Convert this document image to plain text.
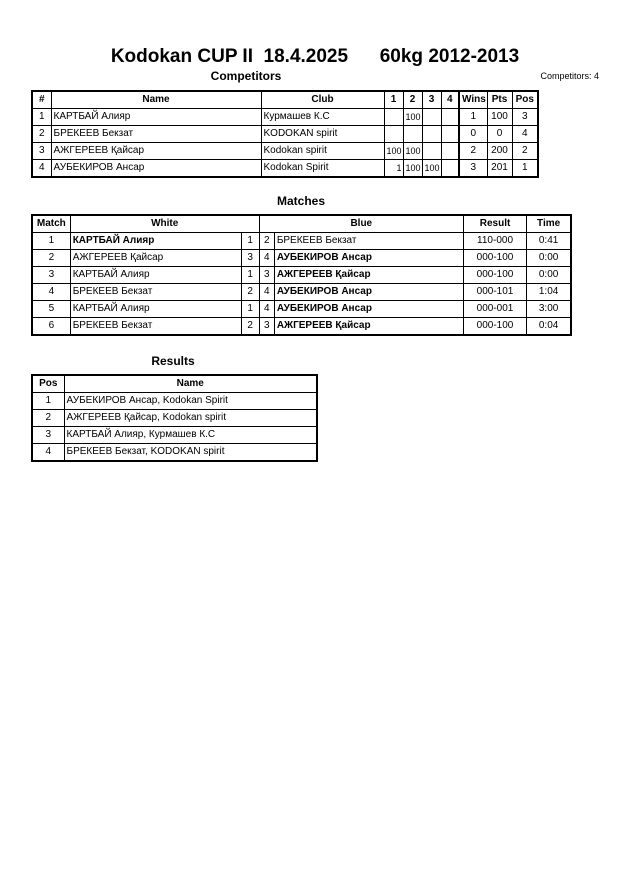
Kodokan CUP II  18.4.2025      60kg 2012-2013
Competitors	Competitors: 4
#	Name	Club	1	2	3	4	Wins	Pts	Pos
1	КАРТБАЙ Алияр	Курмашев К.С		100			1	100	3
2	БРЕКЕЕВ Бекзат	KODOKAN spirit					0	0	4
3	АЖГЕРЕЕВ Қайсар	Kodokan spirit	100	100			2	200	2
4	АУБЕКИРОВ Ансар	Kodokan Spirit	1	100	100		3	201	1
Matches
Match	White		Blue		Result	Time
1	КАРТБАЙ Алияр	1	2	БРЕКЕЕВ Бекзат	110-000	0:41
2	АЖГЕРЕЕВ Қайсар	3	4	АУБЕКИРОВ Ансар	000-100	0:00
3	КАРТБАЙ Алияр	1	3	АЖГЕРЕЕВ Қайсар	000-100	0:00
4	БРЕКЕЕВ Бекзат	2	4	АУБЕКИРОВ Ансар	000-101	1:04
5	КАРТБАЙ Алияр	1	4	АУБЕКИРОВ Ансар	000-001	3:00
6	БРЕКЕЕВ Бекзат	2	3	АЖГЕРЕЕВ Қайсар	000-100	0:04
Results
Pos	Name
1	АУБЕКИРОВ Ансар, Kodokan Spirit
2	АЖГЕРЕЕВ Қайсар, Kodokan spirit
3	КАРТБАЙ Алияр, Курмашев К.С
4	БРЕКЕЕВ Бекзат, KODOKAN spirit
